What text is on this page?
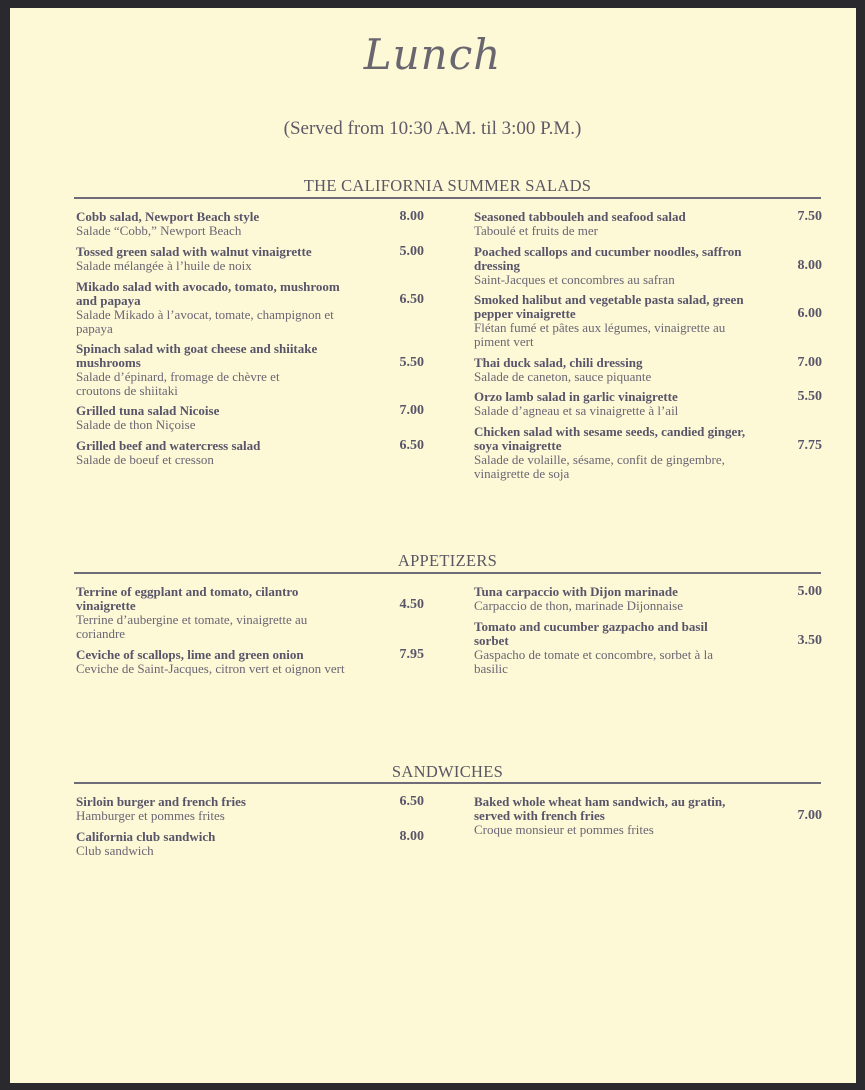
Lunch
(Served from 10:30 A.M. til 3:00 P.M.)
THE CALIFORNIA SUMMER SALADS
Cobb salad, Newport Beach style
Salade “Cobb,” Newport Beach
8.00
Tossed green salad with walnut vinaigrette
Salade mélangée à l’huile de noix
5.00
Mikado salad with avocado, tomato, mushroom and papaya
Salade Mikado à l’avocat, tomate, champignon et papaya
6.50
Spinach salad with goat cheese and shiitake mushrooms
Salade d’épinard, fromage de chèvre et croutons de shiitaki
5.50
Grilled tuna salad Nicoise
Salade de thon Niçoise
7.00
Grilled beef and watercress salad
Salade de boeuf et cresson
6.50
Seasoned tabbouleh and seafood salad
Taboulé et fruits de mer
7.50
Poached scallops and cucumber noodles, saffron dressing
Saint-Jacques et concombres au safran
8.00
Smoked halibut and vegetable pasta salad, green pepper vinaigrette
Flétan fumé et pâtes aux légumes, vinaigrette au piment vert
6.00
Thai duck salad, chili dressing
Salade de caneton, sauce piquante
7.00
Orzo lamb salad in garlic vinaigrette
Salade d’agneau et sa vinaigrette à l’ail
5.50
Chicken salad with sesame seeds, candied ginger, soya vinaigrette
Salade de volaille, sésame, confit de gingembre, vinaigrette de soja
7.75
APPETIZERS
Terrine of eggplant and tomato, cilantro vinaigrette
Terrine d’aubergine et tomate, vinaigrette au coriandre
4.50
Ceviche of scallops, lime and green onion
Ceviche de Saint-Jacques, citron vert et oignon vert
7.95
Tuna carpaccio with Dijon marinade
Carpaccio de thon, marinade Dijonnaise
5.00
Tomato and cucumber gazpacho and basil sorbet
Gaspacho de tomate et concombre, sorbet à la basilic
3.50
SANDWICHES
Sirloin burger and french fries
Hamburger et pommes frites
6.50
California club sandwich
Club sandwich
8.00
Baked whole wheat ham sandwich, au gratin, served with french fries
Croque monsieur et pommes frites
7.00
